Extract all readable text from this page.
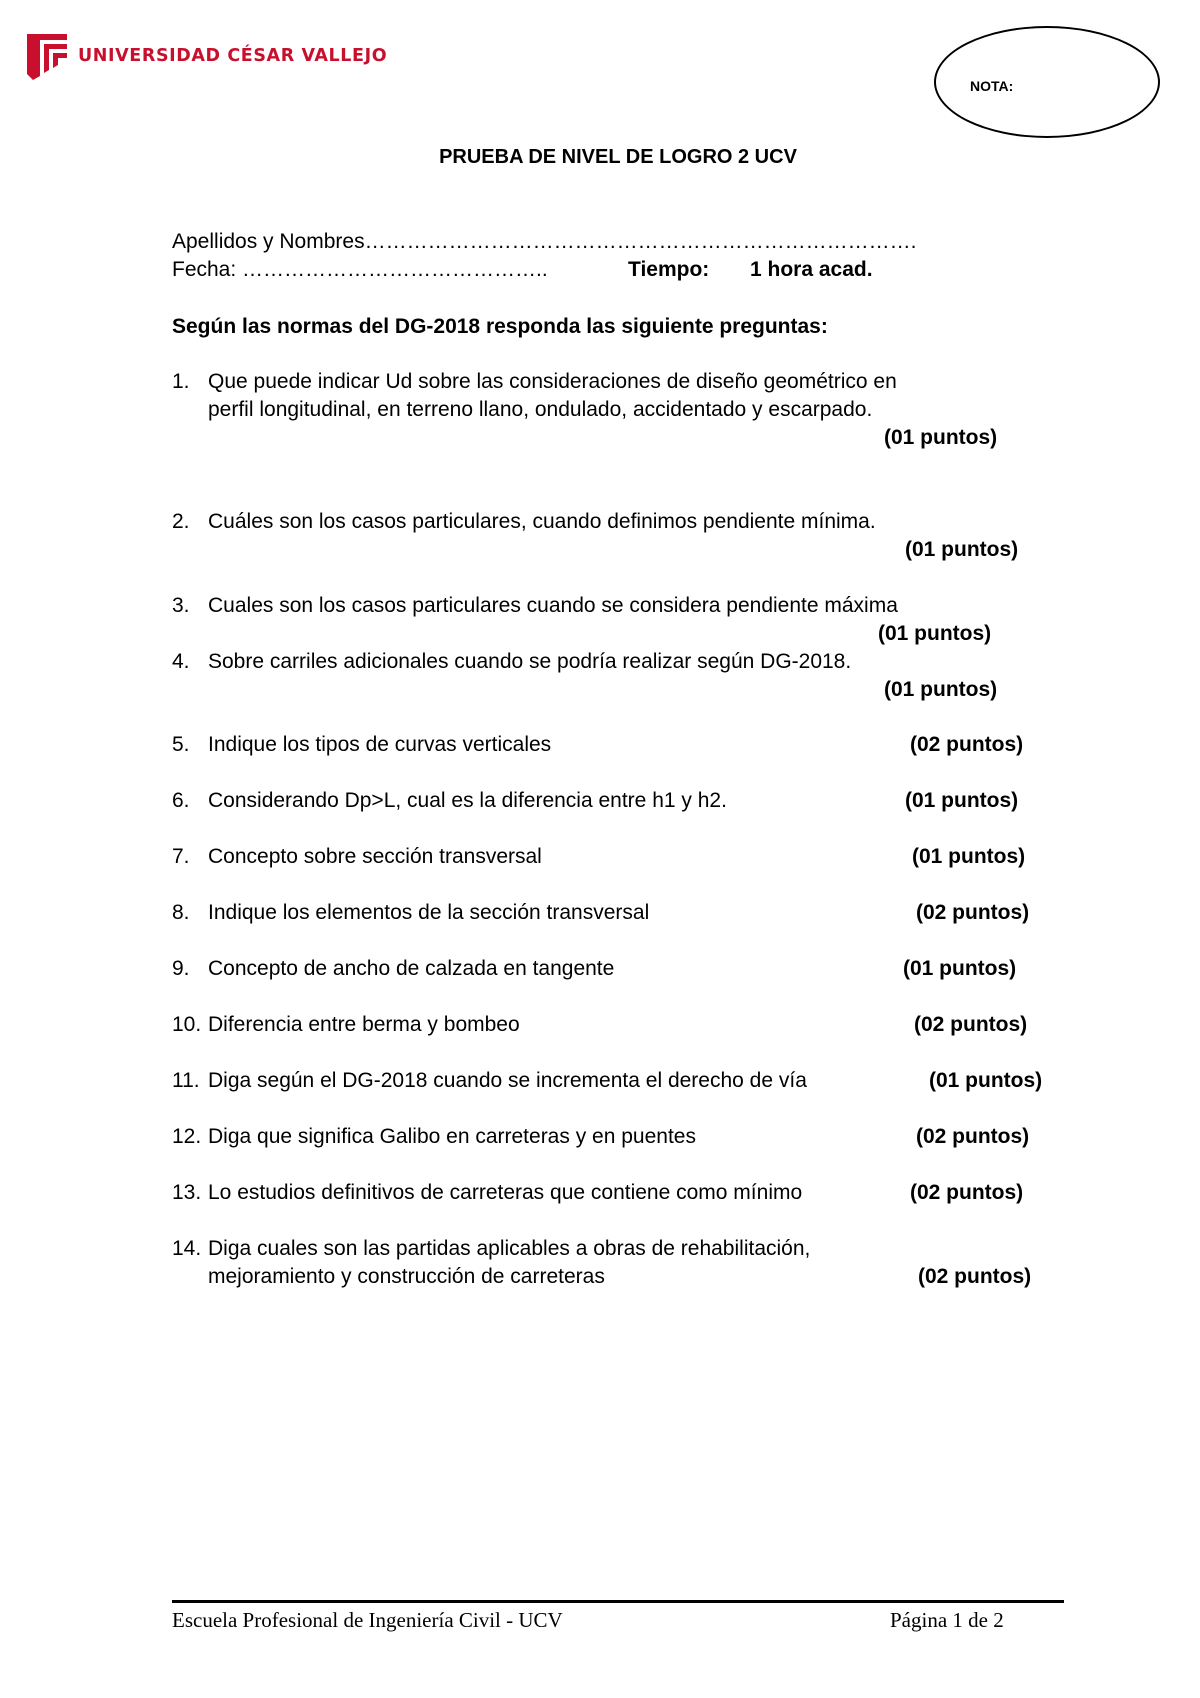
UNIVERSIDAD CÉSAR VALLEJO
NOTA:
PRUEBA DE NIVEL DE LOGRO 2 UCV
Apellidos y Nombres…………………………………………………………………….
Fecha: ……………………………………..	Tiempo: 1 hora acad.
Según las normas del DG-2018 responda las siguiente preguntas:
1. Que puede indicar Ud sobre las consideraciones de diseño geométrico en
perfil longitudinal, en terreno llano, ondulado, accidentado y escarpado.
(01 puntos)
2. Cuáles son los casos particulares, cuando definimos pendiente mínima.
(01 puntos)
3. Cuales son los casos particulares cuando se considera pendiente máxima
(01 puntos)
4. Sobre carriles adicionales cuando se podría realizar según DG-2018.
(01 puntos)
5. Indique los tipos de curvas verticales	(02 puntos)
6. Considerando Dp>L, cual es la diferencia entre h1 y h2.	(01 puntos)
7. Concepto sobre sección transversal	(01 puntos)
8. Indique los elementos de la sección transversal	(02 puntos)
9. Concepto de ancho de calzada en tangente	(01 puntos)
10. Diferencia entre berma y bombeo	(02 puntos)
11. Diga según el DG-2018 cuando se incrementa el derecho de vía	(01 puntos)
12. Diga que significa Galibo en carreteras y en puentes	(02 puntos)
13. Lo estudios definitivos de carreteras que contiene como mínimo	(02 puntos)
14. Diga cuales son las partidas aplicables a obras de rehabilitación,
mejoramiento y construcción de carreteras	(02 puntos)
Escuela Profesional de Ingeniería Civil - UCV	Página 1 de 2
